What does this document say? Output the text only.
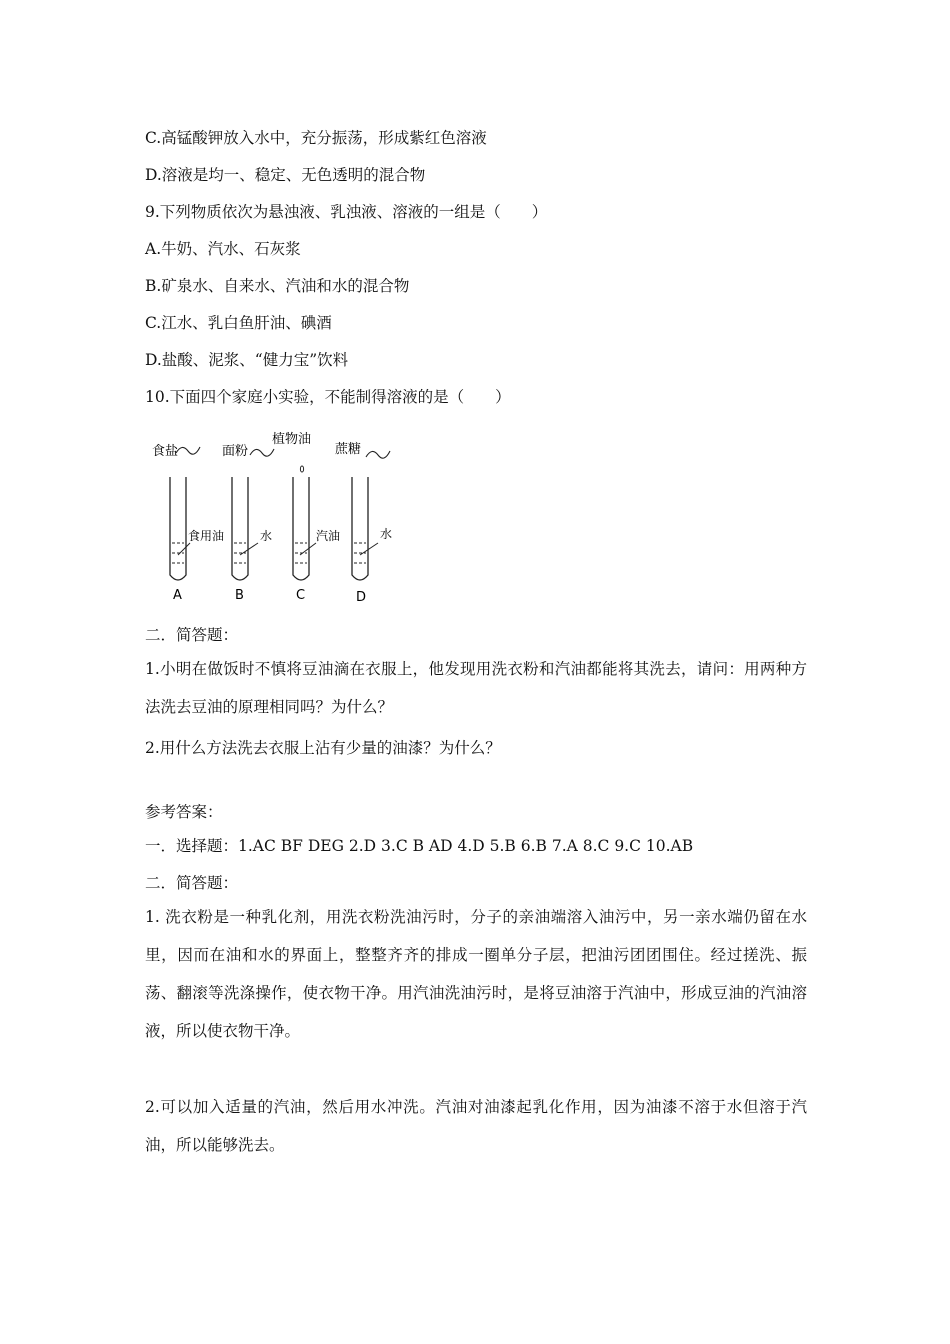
C.高锰酸钾放入水中，充分振荡，形成紫红色溶液
D.溶液是均一、稳定、无色透明的混合物
9.下列物质依次为悬浊液、乳浊液、溶液的一组是（　　）
A.牛奶、汽水、石灰浆
B.矿泉水、自来水、汽油和水的混合物
C.江水、乳白鱼肝油、碘酒
D.盐酸、泥浆、“健力宝”饮料
10.下面四个家庭小实验，不能制得溶液的是（　　）
食盐
食用油
A
面粉
水
B
植物油
汽油
C
蔗糖
水
D
二．简答题：
1.小明在做饭时不慎将豆油滴在衣服上，他发现用洗衣粉和汽油都能将其洗去，请问：用两种方法洗去豆油的原理相同吗？为什么？
2.用什么方法洗去衣服上沾有少量的油漆？为什么？
参考答案：
一．选择题：1.AC BF DEG 2.D 3.C B AD 4.D 5.B 6.B 7.A 8.C 9.C 10.AB
二．简答题：
1. 洗衣粉是一种乳化剂，用洗衣粉洗油污时，分子的亲油端溶入油污中，另一亲水端仍留在水里，因而在油和水的界面上，整整齐齐的排成一圈单分子层，把油污团团围住。经过搓洗、振荡、翻滚等洗涤操作，使衣物干净。用汽油洗油污时，是将豆油溶于汽油中，形成豆油的汽油溶液，所以使衣物干净。
2.可以加入适量的汽油，然后用水冲洗。汽油对油漆起乳化作用，因为油漆不溶于水但溶于汽油，所以能够洗去。
